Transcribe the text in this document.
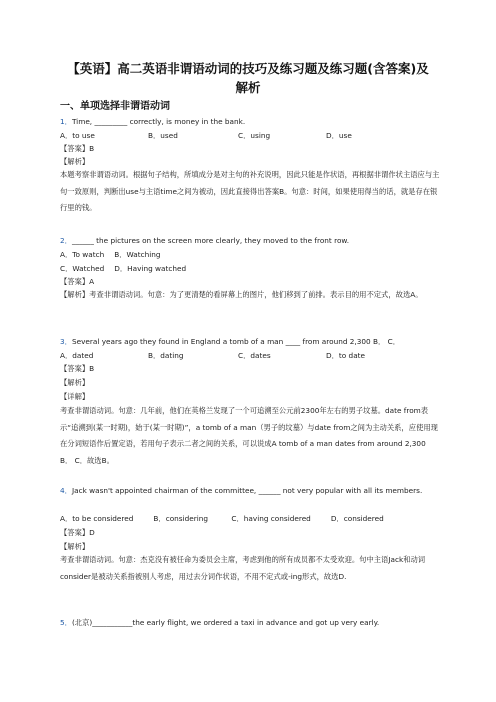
【英语】高二英语非谓语动词的技巧及练习题及练习题(含答案)及
解析
一、单项选择非谓语动词
1．Time, _________ correctly, is money in the bank.
A．to use	B．used	C．using	D．use
【答案】B
【解析】
本题考察非谓语动词。根据句子结构，所填成分是对主句的补充说明，因此只能是作状语，再根据非谓作状主语应与主句一致原则，判断出use与主语time之间为被动，因此直接得出答案B。句意：时间，如果使用得当的话，就是存在银行里的钱。
2．______ the pictures on the screen more clearly, they moved to the front row.
A．To watch B．Watching
C．Watched D．Having watched
【答案】A
【解析】考查非谓语动词。句意：为了更清楚的看屏幕上的图片，他们移到了前排。表示目的用不定式，故选A。
3．Several years ago they found in England a tomb of a man ____ from around 2,300 B． C．
A．dated	B．dating	C．dates	D．to date
【答案】B
【解析】
【详解】
考查非谓语动词。句意：几年前，他们在英格兰发现了一个可追溯至公元前2300年左右的男子坟墓。date from表示“追溯到(某一时期)，始于(某一时期)”，a tomb of a man（男子的坟墓）与date from之间为主动关系，应使用现在分词短语作后置定语，若用句子表示二者之间的关系，可以说成A tomb of a man dates from around 2,300 B． C．故选B。
4．Jack wasn't appointed chairman of the committee, ______ not very popular with all its members.
A．to be considered	B．considering	C．having considered	D．considered
【答案】D
【解析】
考查非谓语动词。句意：杰克没有被任命为委员会主席，考虑到他的所有成员都不太受欢迎。句中主语Jack和动词consider是被动关系指被别人考虑，用过去分词作状语，不用不定式或-ing形式，故选D.
5．(北京)___________the early flight, we ordered a taxi in advance and got up very early.
